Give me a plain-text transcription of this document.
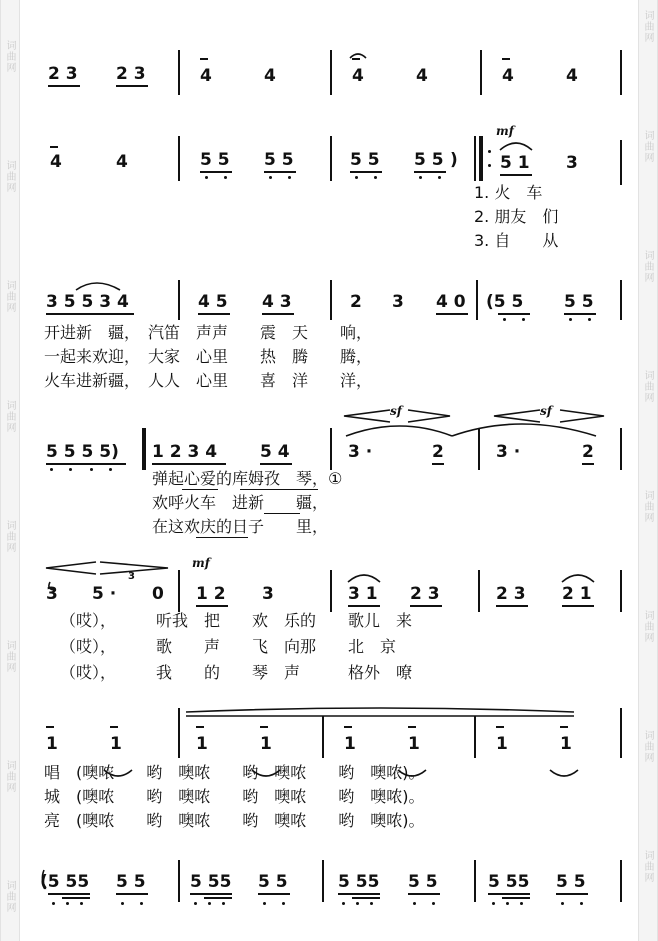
词曲网
词曲网
词曲网
词曲网
词曲网
词曲网
词曲网
词曲网
词曲网
词曲网
词曲网
词曲网
词曲网
词曲网
词曲网
词曲网
2 3 2 3	4	4	4	4	4	4
4	4	5 5 5 5	5 5 5 5 )
mf
5 1 3
1. 火　车
2. 朋友　们
3. 自　　从
3 5 5 3 4	4 5 4 3	2 3 4 0 (5 5 5 5
开进新　疆，　汽笛　声声　　震　天　　响，
一起来欢迎，　大家　心里　　热　腾　　腾，
火车进新疆，　人人　心里　　喜　洋　　洋，
5 5 5 5) 1 2 3 4	5 4	3 ·	2	3 ·	2
sf	sf
弹起心爱的库姆孜　琴，①
欢呼火车　进新　　疆，
在这欢庆的日子　　里，
3 5 ·
3
0
mf
1 2 3	3 1 2 3	2 3 2 1
（哎），　　　听我　把　　欢　乐的　　歌儿　来
（哎），　　　歌　　声　　飞　向那　　北　京
（哎），　　　我　　的　　琴　声　　　格外　嘹
1	1	1	1	1	1	1	1
唱　(噢哝　　哟　噢哝　　哟　噢哝　　哟　噢哝)。
城　(噢哝　　哟　噢哝　　哟　噢哝　　哟　噢哝)。
亮　(噢哝　　哟　噢哝　　哟　噢哝　　哟　噢哝)。
(5 55 5 5	5 55 5 5	5 55 5 5	5 55 5 5
